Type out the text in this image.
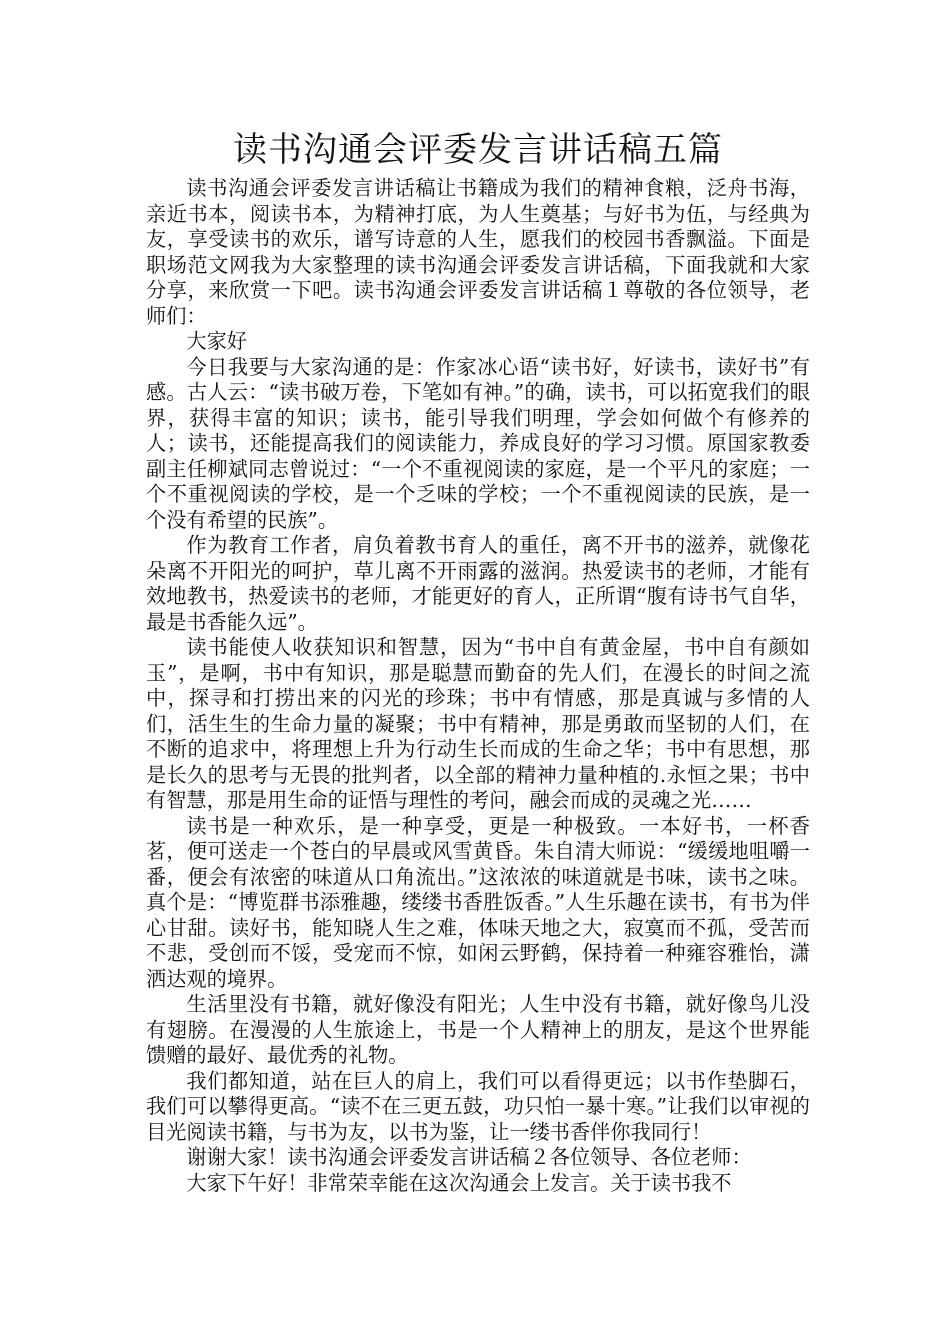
读书沟通会评委发言讲话稿五篇

读书沟通会评委发言讲话稿让书籍成为我们的精神食粮，泛舟书海，亲近书本，阅读书本，为精神打底，为人生奠基；与好书为伍，与经典为友，享受读书的欢乐，谱写诗意的人生，愿我们的校园书香飘溢。下面是职场范文网我为大家整理的读书沟通会评委发言讲话稿，下面我就和大家分享，来欣赏一下吧。读书沟通会评委发言讲话稿１尊敬的各位领导，老师们：

大家好

今日我要与大家沟通的是：作家冰心语“读书好，好读书，读好书”有感。古人云：“读书破万卷，下笔如有神。”的确，读书，可以拓宽我们的眼界，获得丰富的知识；读书，能引导我们明理，学会如何做个有修养的人；读书，还能提高我们的阅读能力，养成良好的学习习惯。原国家教委副主任柳斌同志曾说过：“一个不重视阅读的家庭，是一个平凡的家庭；一个不重视阅读的学校，是一个乏味的学校；一个不重视阅读的民族，是一个没有希望的民族”。

作为教育工作者，肩负着教书育人的重任，离不开书的滋养，就像花朵离不开阳光的呵护，草儿离不开雨露的滋润。热爱读书的老师，才能有效地教书，热爱读书的老师，才能更好的育人，正所谓“腹有诗书气自华，最是书香能久远”。

读书能使人收获知识和智慧，因为“书中自有黄金屋，书中自有颜如玉”，是啊，书中有知识，那是聪慧而勤奋的先人们，在漫长的时间之流中，探寻和打捞出来的闪光的珍珠；书中有情感，那是真诚与多情的人们，活生生的生命力量的凝聚；书中有精神，那是勇敢而坚韧的人们，在不断的追求中，将理想上升为行动生长而成的生命之华；书中有思想，那是长久的思考与无畏的批判者，以全部的精神力量种植的.永恒之果；书中有智慧，那是用生命的证悟与理性的考问，融会而成的灵魂之光……

读书是一种欢乐，是一种享受，更是一种极致。一本好书，一杯香茗，便可送走一个苍白的早晨或风雪黄昏。朱自清大师说：“缓缓地咀嚼一番，便会有浓密的味道从口角流出。”这浓浓的味道就是书味，读书之味。真个是：“博览群书添雅趣，缕缕书香胜饭香。”人生乐趣在读书，有书为伴心甘甜。读好书，能知晓人生之难，体味天地之大，寂寞而不孤，受苦而不悲，受创而不馁，受宠而不惊，如闲云野鹤，保持着一种雍容雅怡，潇洒达观的境界。

生活里没有书籍，就好像没有阳光；人生中没有书籍，就好像鸟儿没有翅膀。在漫漫的人生旅途上，书是一个人精神上的朋友，是这个世界能馈赠的最好、最优秀的礼物。

我们都知道，站在巨人的肩上，我们可以看得更远；以书作垫脚石，我们可以攀得更高。“读不在三更五鼓，功只怕一暴十寒。”让我们以审视的目光阅读书籍，与书为友，以书为鉴，让一缕书香伴你我同行！

谢谢大家！读书沟通会评委发言讲话稿２各位领导、各位老师：

大家下午好！非常荣幸能在这次沟通会上发言。关于读书我不
